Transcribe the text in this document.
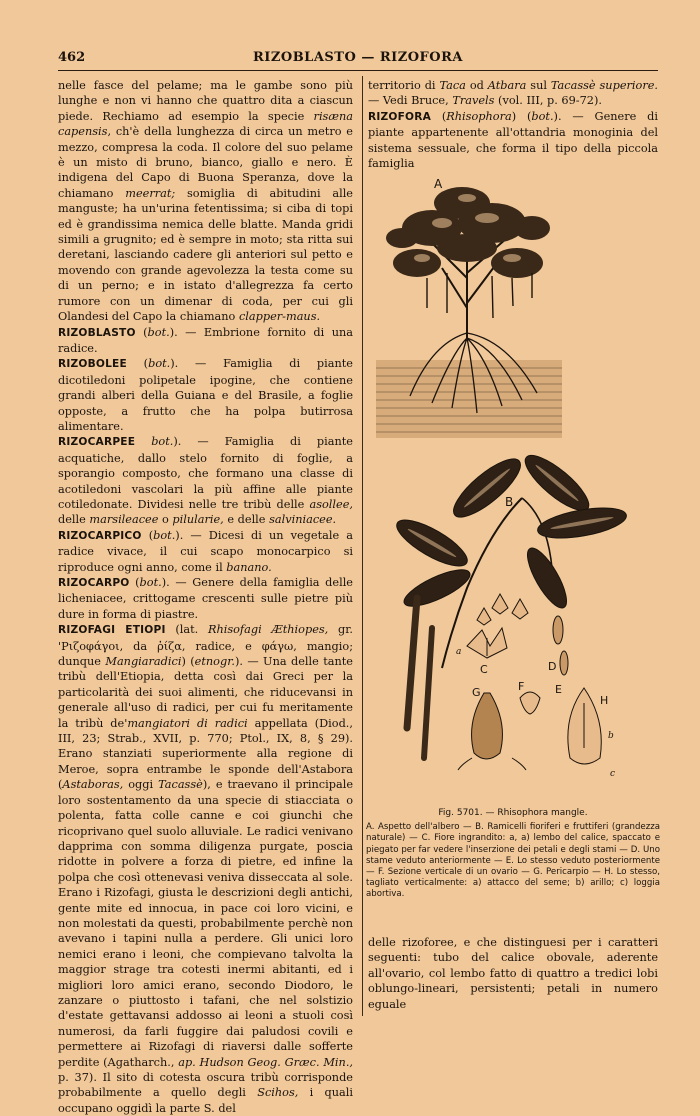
462	RIZOBLASTO — RIZOFORA

nelle fasce del pelame; ma le gambe sono più lunghe e non vi hanno che quattro dita a ciascun piede. Rechiamo ad esempio la specie risæna capensis, ch'è della lunghezza di circa un metro e mezzo, compresa la coda. Il colore del suo pelame è un misto di bruno, bianco, giallo e nero. È indigena del Capo di Buona Speranza, dove la chiamano meerrat; somiglia di abitudini alle manguste; ha un'urina fetentissima; si ciba di topi ed è grandissima nemica delle blatte. Manda gridi simili a grugnito; ed è sempre in moto; sta ritta sui deretani, lasciando cadere gli anteriori sul petto e movendo con grande agevolezza la testa come su di un perno; e in istato d'allegrezza fa certo rumore con un dimenar di coda, per cui gli Olandesi del Capo la chiamano clapper-maus.

RIZOBLASTO (bot.). — Embrione fornito di una radice.

RIZOBOLEE (bot.). — Famiglia di piante dicotiledoni polipetale ipogine, che contiene grandi alberi della Guiana e del Brasile, a foglie opposte, a frutto che ha polpa butirrosa alimentare.

RIZOCARPEE bot.). — Famiglia di piante acquatiche, dallo stelo fornito di foglie, a sporangio composto, che formano una classe di acotiledoni vascolari la più affine alle piante cotiledonate. Dividesi nelle tre tribù delle asollee, delle marsileacee o pilularie, e delle salviniacee.

RIZOCARPICO (bot.). — Dicesi di un vegetale a radice vivace, il cui scapo monocarpico si riproduce ogni anno, come il banano.

RIZOCARPO (bot.). — Genere della famiglia delle licheniacee, crittogame crescenti sulle pietre più dure in forma di piastre.

RIZOFAGI ETIOPI (lat. Rhisofagi Æthiopes, gr. 'Ριζοφάγοι, da ῥίζα, radice, e φάγω, mangio; dunque Mangiaradici) (etnogr.). — Una delle tante tribù dell'Etiopia, detta così dai Greci per la particolarità dei suoi alimenti, che riducevansi in generale all'uso di radici, per cui fu meritamente la tribù de'mangiatori di radici appellata (Diod., III, 23; Strab., XVII, p. 770; Ptol., IX, 8, § 29). Erano stanziati superiormente alla regione di Meroe, sopra entrambe le sponde dell'Astabora (Astaboras, oggi Tacassè), e traevano il principale loro sostentamento da una specie di stiacciata o polenta, fatta colle canne e coi giunchi che ricoprivano quel suolo alluviale. Le radici venivano dapprima con somma diligenza purgate, poscia ridotte in polvere a forza di pietre, ed infine la polpa che così ottenevasi veniva disseccata al sole. Erano i Rizofagi, giusta le descrizioni degli antichi, gente mite ed innocua, in pace coi loro vicini, e non molestati da questi, probabilmente perchè non avevano i tapini nulla a perdere. Gli unici loro nemici erano i leoni, che compievano talvolta la maggior strage tra cotesti inermi abitanti, ed i migliori loro amici erano, secondo Diodoro, le zanzare o piuttosto i tafani, che nel solstizio d'estate gettavansi addosso ai leoni a stuoli così numerosi, da farli fuggire dai paludosi covili e permettere ai Rizofagi di riaversi dalle sofferte perdite (Agatharch., ap. Hudson Geog. Græc. Min., p. 37). Il sito di cotesta oscura tribù corrisponde probabilmente a quello degli Scihos, i quali occupano oggidì la parte S. del

territorio di Taca od Atbara sul Tacassè superiore. — Vedi Bruce, Travels (vol. III, p. 69-72).

RIZOFORA (Rhisophora) (bot.). — Genere di piante appartenente all'ottandria monoginia del sistema sessuale, che forma il tipo della piccola famiglia

A
B
C
a
D
E
F
G
H
b
c
Fig. 5701. — Rhisophora mangle.

A. Aspetto dell'albero — B. Ramicelli fioriferi e fruttiferi (grandezza naturale) — C. Fiore ingrandito: a, a) lembo del calice, spaccato e piegato per far vedere l'inserzione dei petali e degli stami — D. Uno stame veduto anteriormente — E. Lo stesso veduto posteriormente — F. Sezione verticale di un ovario — G. Pericarpio — H. Lo stesso, tagliato verticalmente: a) attacco del seme; b) arillo; c) loggia abortiva.

delle rizoforee, e che distinguesi per i caratteri seguenti: tubo del calice obovale, aderente all'ovario, col lembo fatto di quattro a tredici lobi oblungo-lineari, persistenti; petali in numero eguale
